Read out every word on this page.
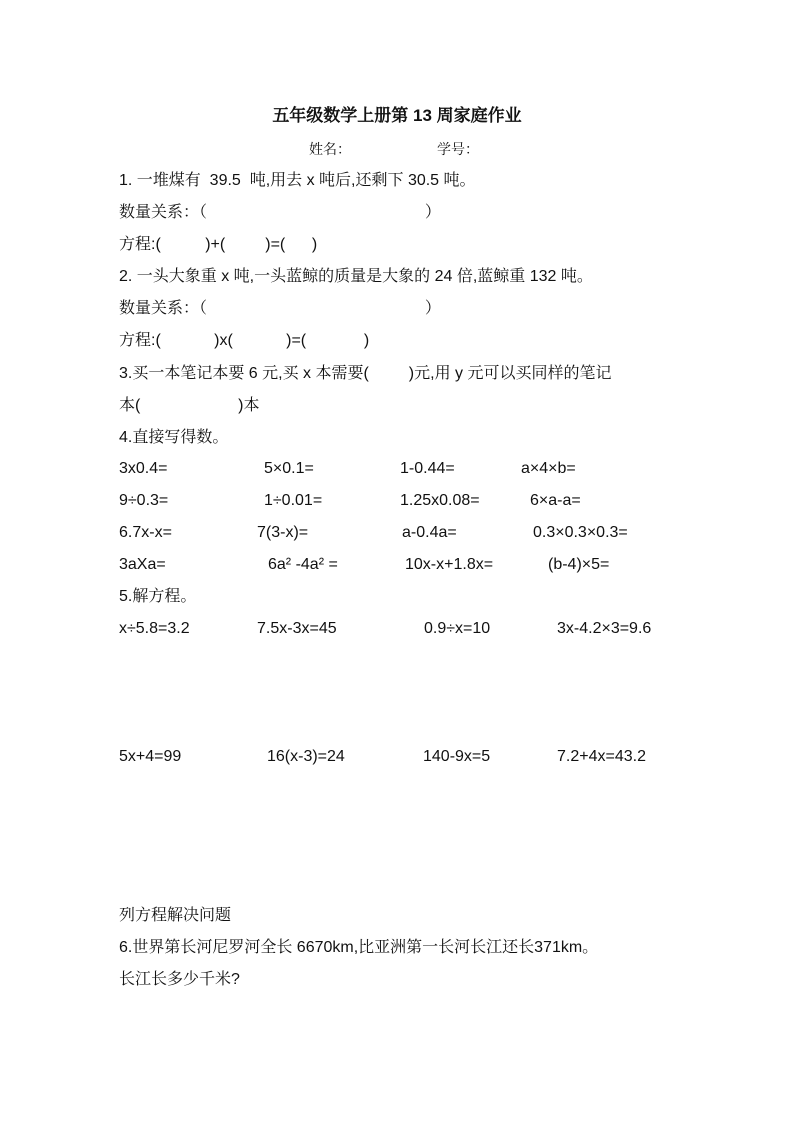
五年级数学上册第 13 周家庭作业
姓名：	学号：
1. 一堆煤有  39.5  吨,用去 x 吨后,还剩下 30.5 吨。
数量关系：（                                                 ）
方程:(          )+(         )=(      )
2. 一头大象重 x 吨,一头蓝鲸的质量是大象的 24 倍,蓝鲸重 132 吨。
数量关系：（                                                 ）
方程:(            )x(            )=(             )
3.买一本笔记本要 6 元,买 x 本需要(         )元,用 y 元可以买同样的笔记
本(                      )本
4.直接写得数。
3x0.4=	5×0.1=	1-0.44=	a×4×b=
9÷0.3=	1÷0.01=	1.25x0.08=	6×a-a=
6.7x-x=	7(3-x)=	a-0.4a=	0.3×0.3×0.3=
3aXa=	6a² -4a² =	10x-x+1.8x=	(b-4)×5=
5.解方程。
x÷5.8=3.2	7.5x-3x=45	0.9÷x=10	3x-4.2×3=9.6
5x+4=99	16(x-3)=24	140-9x=5	7.2+4x=43.2
列方程解决问题
6.世界第长河尼罗河全长 6670km,比亚洲第一长河长江还长371km。
长江长多少千米?
